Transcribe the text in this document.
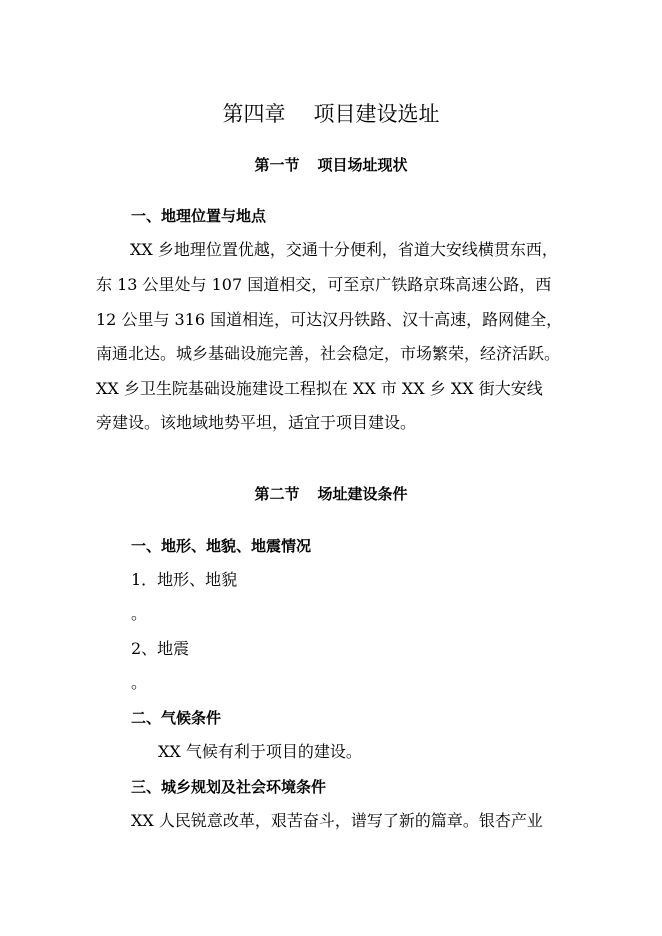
第四章 项目建设选址
第一节 项目场址现状
一、地理位置与地点
XX 乡地理位置优越，交通十分便利，省道大安线横贯东西，
东 13 公里处与 107 国道相交，可至京广铁路京珠高速公路，西
12 公里与 316 国道相连，可达汉丹铁路、汉十高速，路网健全，
南通北达。城乡基础设施完善，社会稳定，市场繁荣，经济活跃。
XX 乡卫生院基础设施建设工程拟在 XX 市 XX 乡 XX 街大安线
旁建设。该地域地势平坦，适宜于项目建设。
第二节 场址建设条件
一、地形、地貌、地震情况
1．地形、地貌
。
2、地震
。
二、气候条件
XX 气候有利于项目的建设。
三、城乡规划及社会环境条件
XX 人民锐意改革，艰苦奋斗，谱写了新的篇章。银杏产业
